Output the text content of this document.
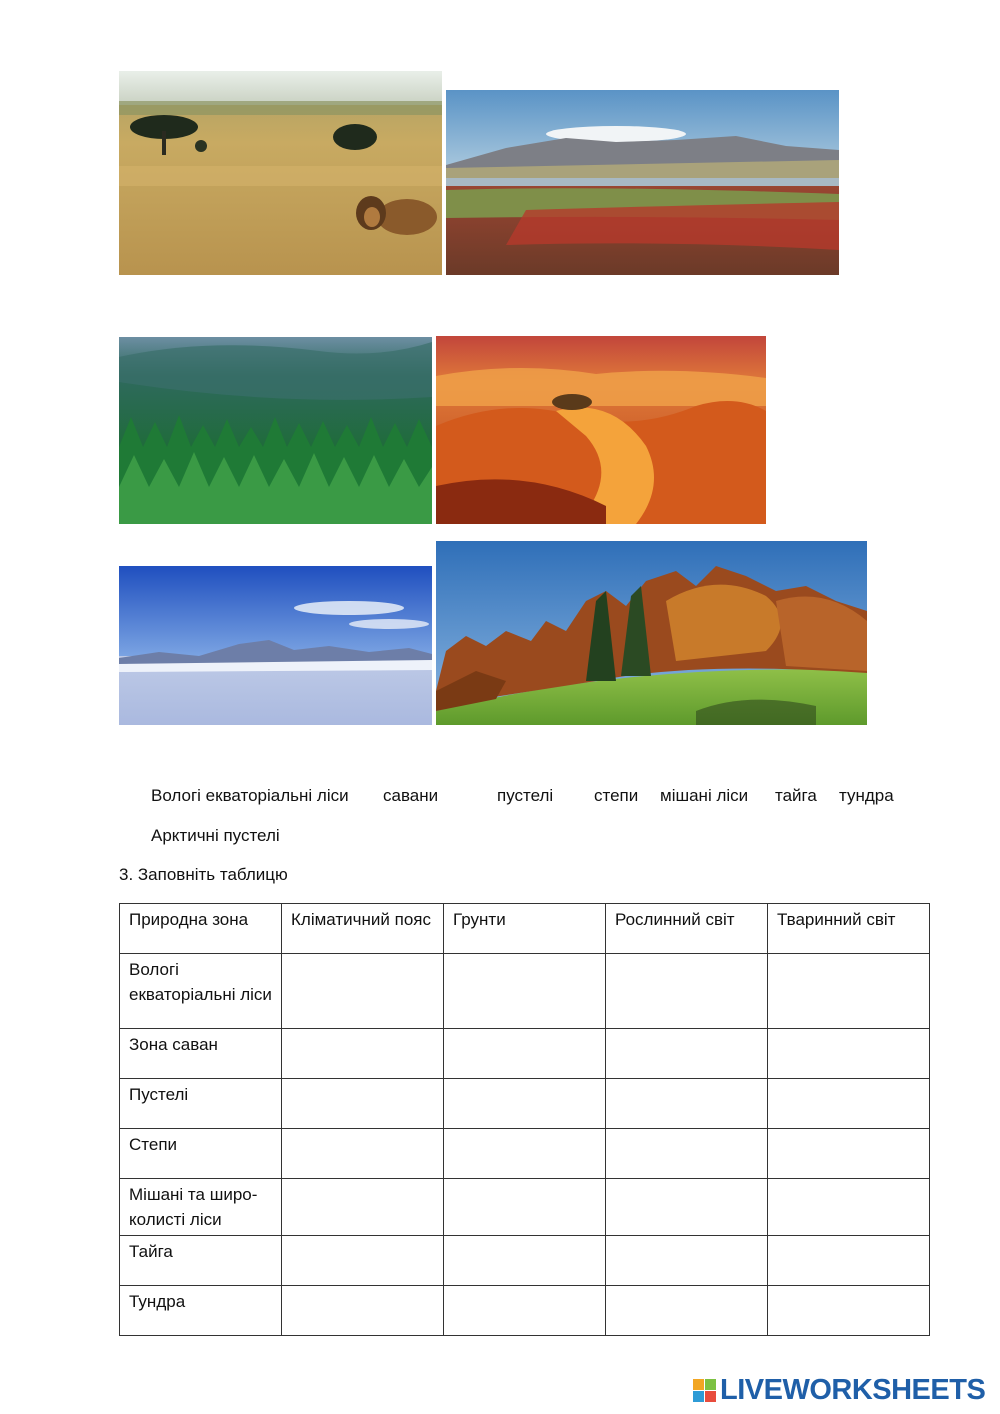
Вологі екваторіальні ліси савани	пустелі степи мішані ліси тайга тундра
Арктичні пустелі
3. Заповніть таблицю
Природна зона	Кліматичний пояс	Грунти	Рослинний світ	Тваринний світ
Вологі екваторіальні ліси	

Зона саван	

Пустелі	

Степи	

Мішані та широ-колисті ліси	

Тайга	

Тундра	

LIVEWORKSHEETS
